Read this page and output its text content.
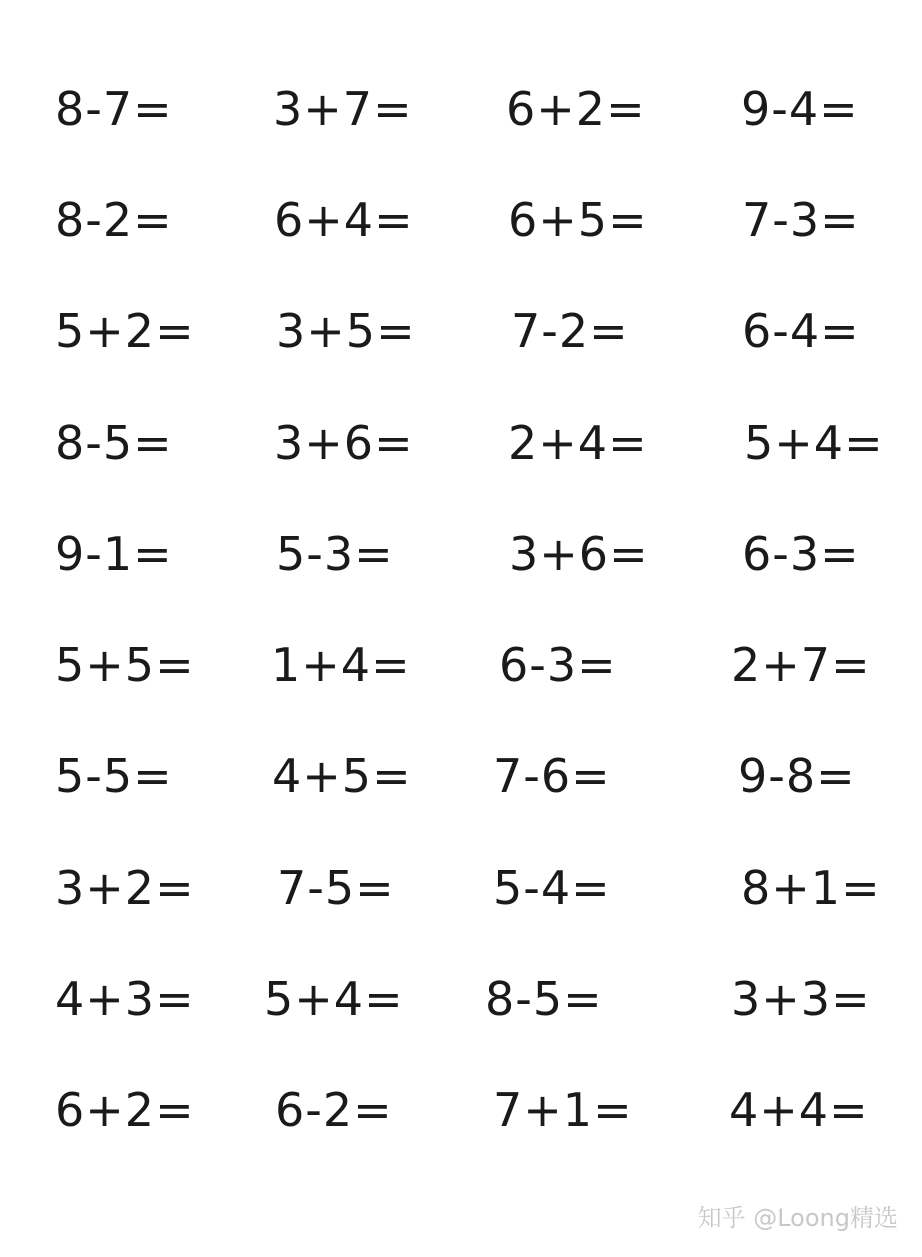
8-7= 3+7= 6+2= 9-4=
8-2= 6+4= 6+5= 7-3=
5+2= 3+5= 7-2= 6-4=
8-5= 3+6= 2+4= 5+4=
9-1= 5-3=	3+6= 6-3=
5+5= 1+4= 6-3= 2+7=
5-5= 4+5= 7-6=	9-8=
3+2= 7-5= 5-4=	8+1=
4+3= 5+4= 8-5=	3+3=
6+2= 6-2= 7+1= 4+4=
知乎 @Loong精选
